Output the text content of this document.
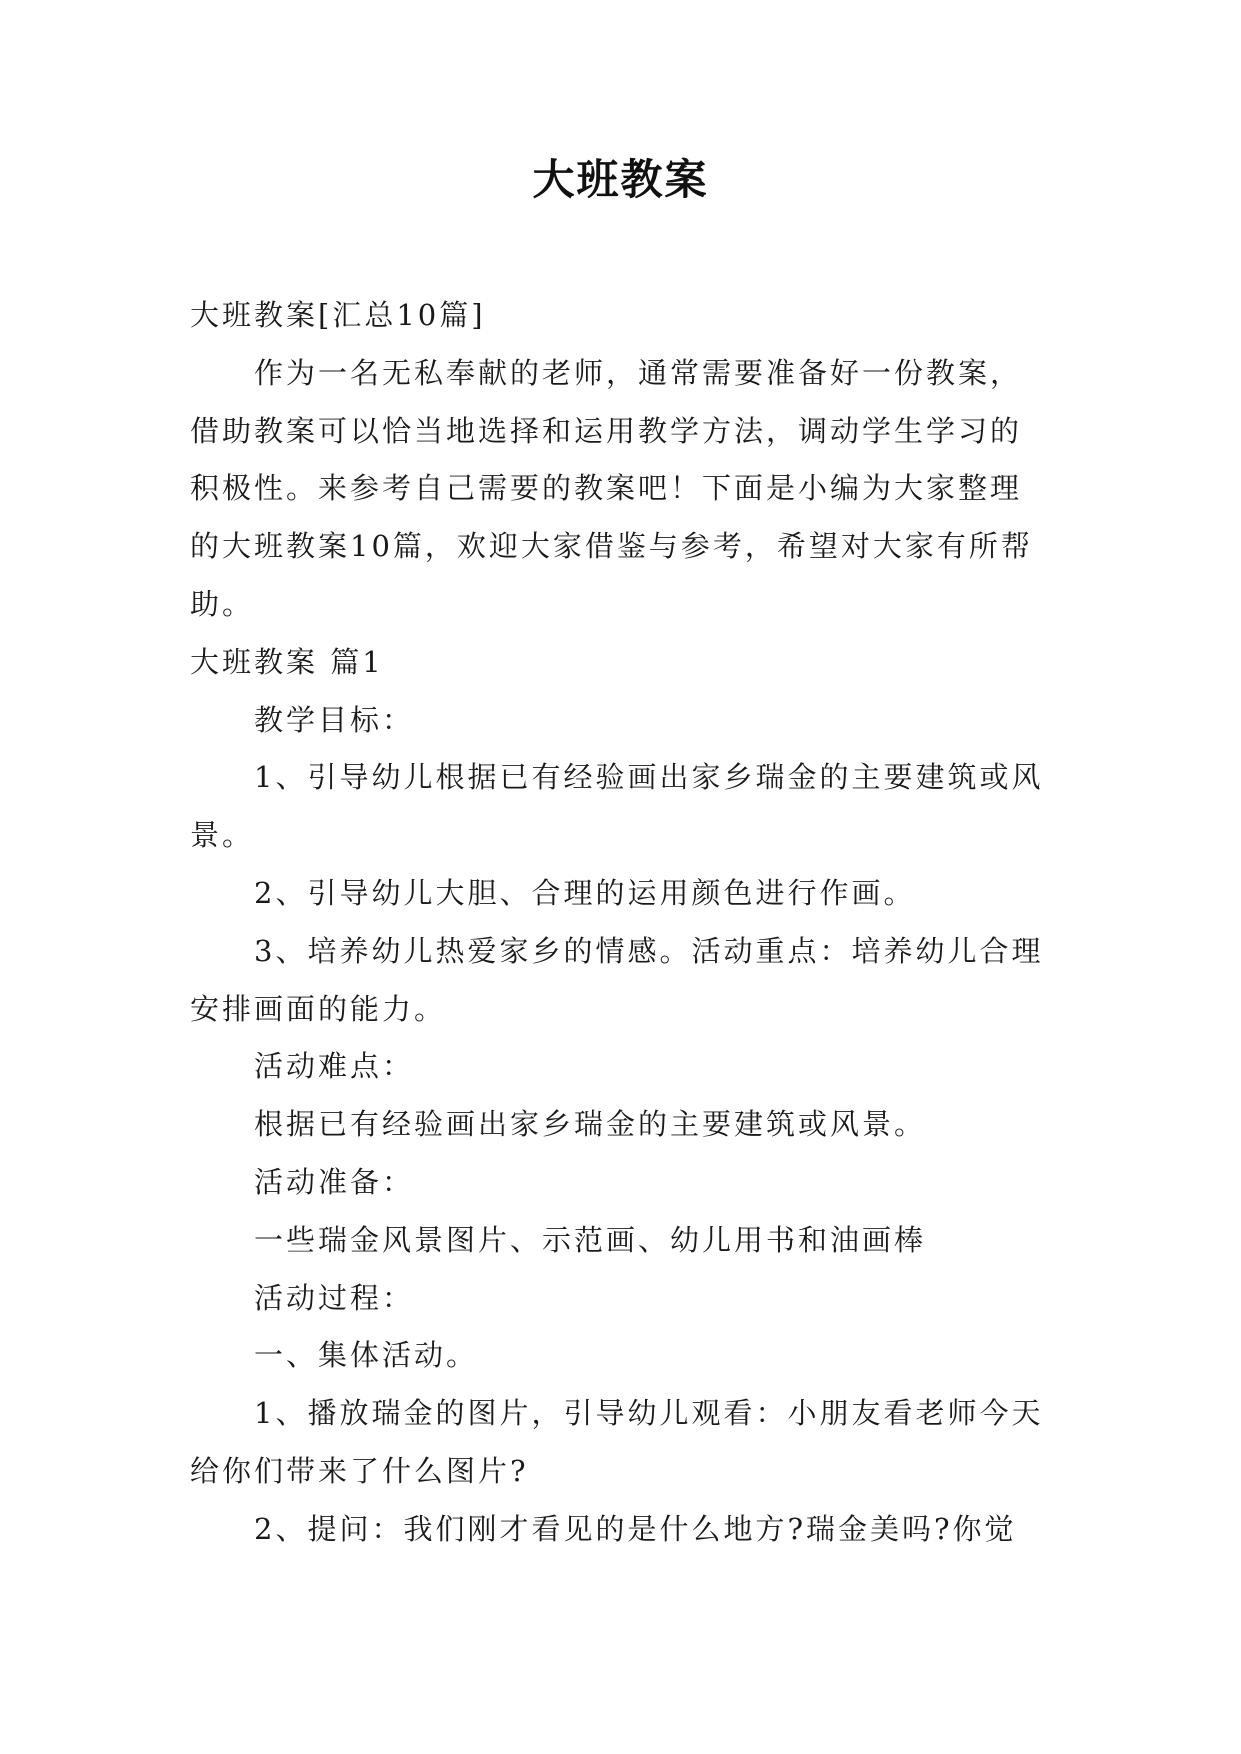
大班教案

大班教案[汇总10篇]

作为一名无私奉献的老师，通常需要准备好一份教案，借助教案可以恰当地选择和运用教学方法，调动学生学习的积极性。来参考自己需要的教案吧！下面是小编为大家整理的大班教案10篇，欢迎大家借鉴与参考，希望对大家有所帮助。

大班教案 篇1

教学目标：

1、引导幼儿根据已有经验画出家乡瑞金的主要建筑或风景。

2、引导幼儿大胆、合理的运用颜色进行作画。

3、培养幼儿热爱家乡的情感。活动重点：培养幼儿合理安排画面的能力。

活动难点：

根据已有经验画出家乡瑞金的主要建筑或风景。

活动准备：

一些瑞金风景图片、示范画、幼儿用书和油画棒

活动过程：

一、集体活动。

1、播放瑞金的图片，引导幼儿观看：小朋友看老师今天给你们带来了什么图片?

2、提问：我们刚才看见的是什么地方?瑞金美吗?你觉
